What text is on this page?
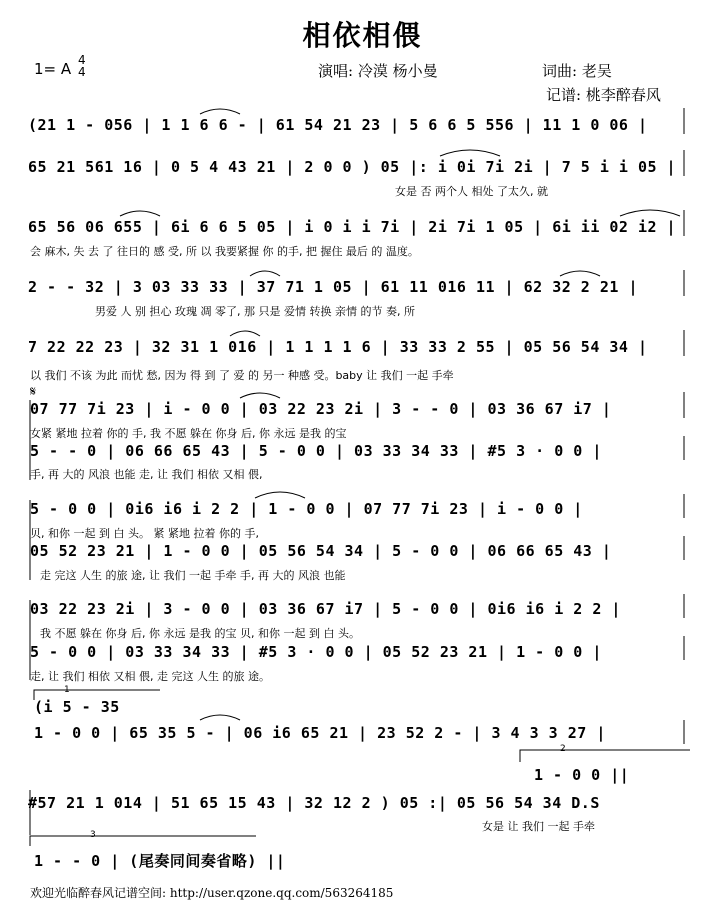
相依相偎
1= A 4
4	演唱: 冷漠 杨小曼	词曲: 老吴
记谱: 桃李醉春风
(21 1 - 056 | 1 1 6 6 - | 61 54 21 23 | 5 6 6 5 556 | 11 1 0 06 |
65 21 561 16 | 0 5 4 43 21 | 2 0 0 ) 05 |: i 0i 7i 2i | 7 5 i i 05 |
女是 否 两个人 相处 了太久, 就
65 56 06 655 | 6i 6 6 5 05 | i 0 i i 7i | 2i 7i 1 05 | 6i ii 02 i2 |
会 麻木, 失 去 了 往日的 感 受, 所 以 我要紧握 你 的手, 把 握住 最后 的 温度。
2 - - 32 | 3 03 33 33 | 37 71 1 05 | 61 11 016 11 | 62 32 2 21 |
男爱 人 别 担心 玫瑰 凋 零了, 那 只是 爱情 转换 亲情 的节 奏, 所
7 22 22 23 | 32 31 1 016 | 1 1 1 1 6 | 33 33 2 55 | 05 56 54 34 |
以 我们 不该 为此 而忧 愁, 因为 得 到 了 爱 的 另一 种感 受。baby 让 我们 一起 手牵
𝄋
07 77 7i 23 | i - 0 0 | 03 22 23 2i | 3 - - 0 | 03 36 67 i7 |
女紧 紧地 拉着 你的 手, 我 不愿 躲在 你身 后, 你 永远 是我 的宝
5 - - 0 | 06 66 65 43 | 5 - 0 0 | 03 33 34 33 | #5 3 · 0 0 |
手, 再 大的 风浪 也能 走, 让 我们 相依 又相 偎,
5 - 0 0 | 0i6 i6 i 2 2 | 1 - 0 0 | 07 77 7i 23 | i - 0 0 |
贝, 和你 一起 到 白 头。 紧 紧地 拉着 你的 手,
05 52 23 21 | 1 - 0 0 | 05 56 54 34 | 5 - 0 0 | 06 66 65 43 |
走 完这 人生 的旅 途, 让 我们 一起 手牵 手, 再 大的 风浪 也能
03 22 23 2i | 3 - 0 0 | 03 36 67 i7 | 5 - 0 0 | 0i6 i6 i 2 2 |
我 不愿 躲在 你身 后, 你 永远 是我 的宝 贝, 和你 一起 到 白 头。
5 - 0 0 | 03 33 34 33 | #5 3 · 0 0 | 05 52 23 21 | 1 - 0 0 |
走, 让 我们 相依 又相 偎, 走 完这 人生 的旅 途。
1
(i 5 - 35
1 - 0 0 | 65 35 5 - | 06 i6 65 21 | 23 52 2 - | 3 4 3 3 27 |
2
1 - 0 0 ||
#57 21 1 014 | 51 65 15 43 | 32 12 2 ) 05 :| 05 56 54 34 D.S
女是 让 我们 一起 手牵
3
1 - - 0 | (尾奏同间奏省略) ||
欢迎光临醉春风记谱空间: http://user.qzone.qq.com/563264185
